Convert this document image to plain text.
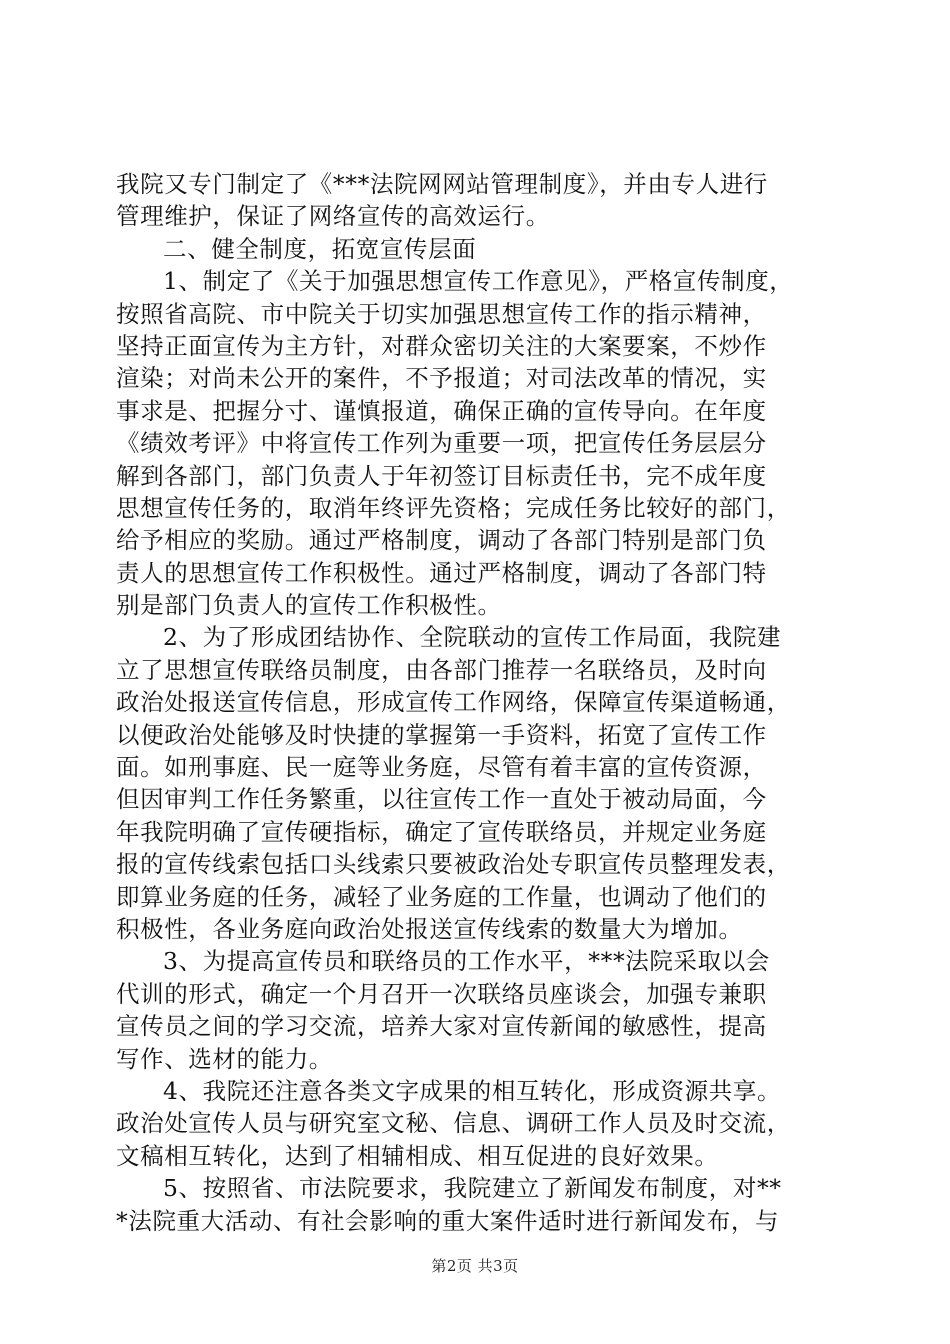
我院又专门制定了《***法院网网站管理制度》，并由专人进行
管理维护，保证了网络宣传的高效运行。
二、健全制度，拓宽宣传层面
1、制定了《关于加强思想宣传工作意见》，严格宣传制度，
按照省高院、市中院关于切实加强思想宣传工作的指示精神，
坚持正面宣传为主方针，对群众密切关注的大案要案，不炒作
渲染；对尚未公开的案件，不予报道；对司法改革的情况，实
事求是、把握分寸、谨慎报道，确保正确的宣传导向。在年度
《绩效考评》中将宣传工作列为重要一项，把宣传任务层层分
解到各部门，部门负责人于年初签订目标责任书，完不成年度
思想宣传任务的，取消年终评先资格；完成任务比较好的部门，
给予相应的奖励。通过严格制度，调动了各部门特别是部门负
责人的思想宣传工作积极性。通过严格制度，调动了各部门特
别是部门负责人的宣传工作积极性。
2、为了形成团结协作、全院联动的宣传工作局面，我院建
立了思想宣传联络员制度，由各部门推荐一名联络员，及时向
政治处报送宣传信息，形成宣传工作网络，保障宣传渠道畅通，
以便政治处能够及时快捷的掌握第一手资料，拓宽了宣传工作
面。如刑事庭、民一庭等业务庭，尽管有着丰富的宣传资源，
但因审判工作任务繁重，以往宣传工作一直处于被动局面，今
年我院明确了宣传硬指标，确定了宣传联络员，并规定业务庭
报的宣传线索包括口头线索只要被政治处专职宣传员整理发表，
即算业务庭的任务，减轻了业务庭的工作量，也调动了他们的
积极性，各业务庭向政治处报送宣传线索的数量大为增加。
3、为提高宣传员和联络员的工作水平，***法院采取以会
代训的形式，确定一个月召开一次联络员座谈会，加强专兼职
宣传员之间的学习交流，培养大家对宣传新闻的敏感性，提高
写作、选材的能力。
4、我院还注意各类文字成果的相互转化，形成资源共享。
政治处宣传人员与研究室文秘、信息、调研工作人员及时交流，
文稿相互转化，达到了相辅相成、相互促进的良好效果。
5、按照省、市法院要求，我院建立了新闻发布制度，对**
*法院重大活动、有社会影响的重大案件适时进行新闻发布，与
第2页 共3页
